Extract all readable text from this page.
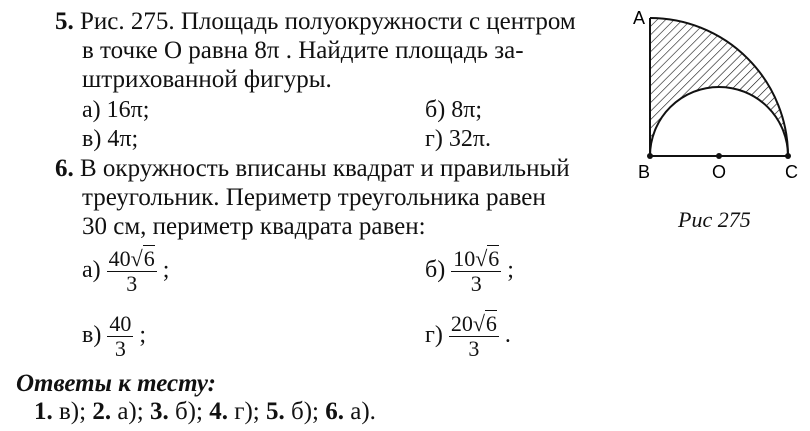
5. Рис. 275. Площадь полуокружности с центром
в точке O равна 8π . Найдите площадь за-
штрихованной фигуры.
а) 16π;	б) 8π;
в) 4π;	г) 32π.
6. В окружность вписаны квадрат и правильный
треугольник. Периметр треугольника равен
30 см, периметр квадрата равен:
$а) \frac{40√6}{3}$ ;	$б) \frac{10√6}{3}$ ;
$в) \frac{40}{3}$ ;	$г) \frac{20√6}{3}$ .
Ответы к тесту:
1. в); 2. а); 3. б); 4. г); 5. б); 6. а).
A
B	O	C
Рис 275
